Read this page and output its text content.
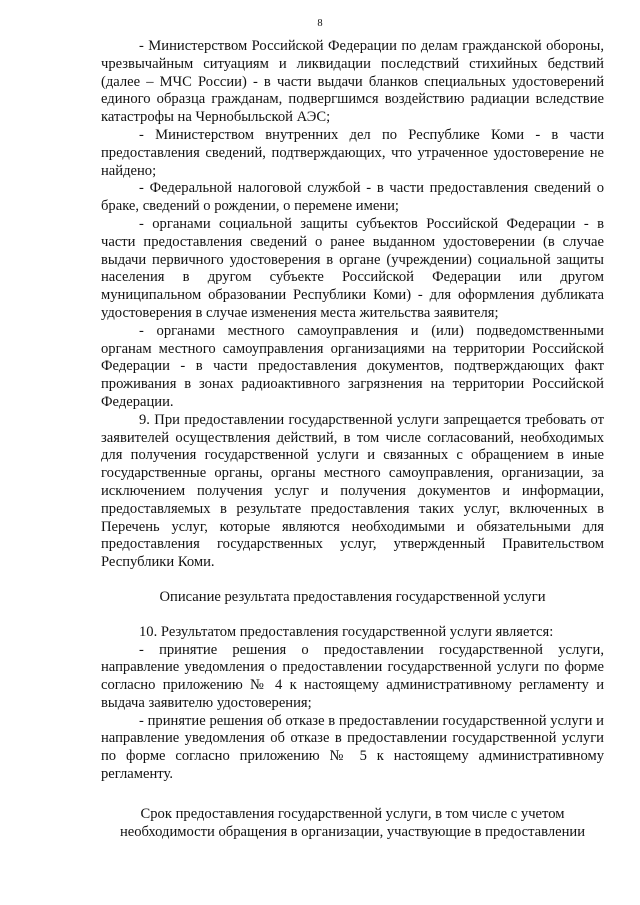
8

- Министерством Российской Федерации по делам гражданской обороны, чрезвычайным ситуациям и ликвидации последствий стихийных бедствий (далее – МЧС России) - в части выдачи бланков специальных удостоверений единого образца гражданам, подвергшимся воздействию радиации вследствие катастрофы на Чернобыльской АЭС;

- Министерством внутренних дел по Республике Коми - в части предоставления сведений, подтверждающих, что утраченное удостоверение не найдено;

- Федеральной налоговой службой - в части предоставления сведений о браке, сведений о рождении, о перемене имени;

- органами социальной защиты субъектов Российской Федерации - в части предоставления сведений о ранее выданном удостоверении (в случае выдачи первичного удостоверения в органе (учреждении) социальной защиты населения в другом субъекте Российской Федерации или другом муниципальном образовании Республики Коми) - для оформления дубликата удостоверения в случае изменения места жительства заявителя;

- органами местного самоуправления и (или) подведомственными органам местного самоуправления организациями на территории Российской Федерации - в части предоставления документов, подтверждающих факт проживания в зонах радиоактивного загрязнения на территории Российской Федерации.

9. При предоставлении государственной услуги запрещается требовать от заявителей осуществления действий, в том числе согласований, необходимых для получения государственной услуги и связанных с обращением в иные государственные органы, органы местного самоуправления, организации, за исключением получения услуг и получения документов и информации, предоставляемых в результате предоставления таких услуг, включенных в Перечень услуг, которые являются необходимыми и обязательными для предоставления государственных услуг, утвержденный Правительством Республики Коми.

Описание результата предоставления государственной услуги

10. Результатом предоставления государственной услуги является:

- принятие решения о предоставлении государственной услуги, направление уведомления о предоставлении государственной услуги по форме согласно приложению № 4 к настоящему административному регламенту и выдача заявителю удостоверения;

- принятие решения об отказе в предоставлении государственной услуги и направление уведомления об отказе в предоставлении государственной услуги по форме согласно приложению № 5 к настоящему административному регламенту.

Срок предоставления государственной услуги, в том числе с учетом

необходимости обращения в организации, участвующие в предоставлении
